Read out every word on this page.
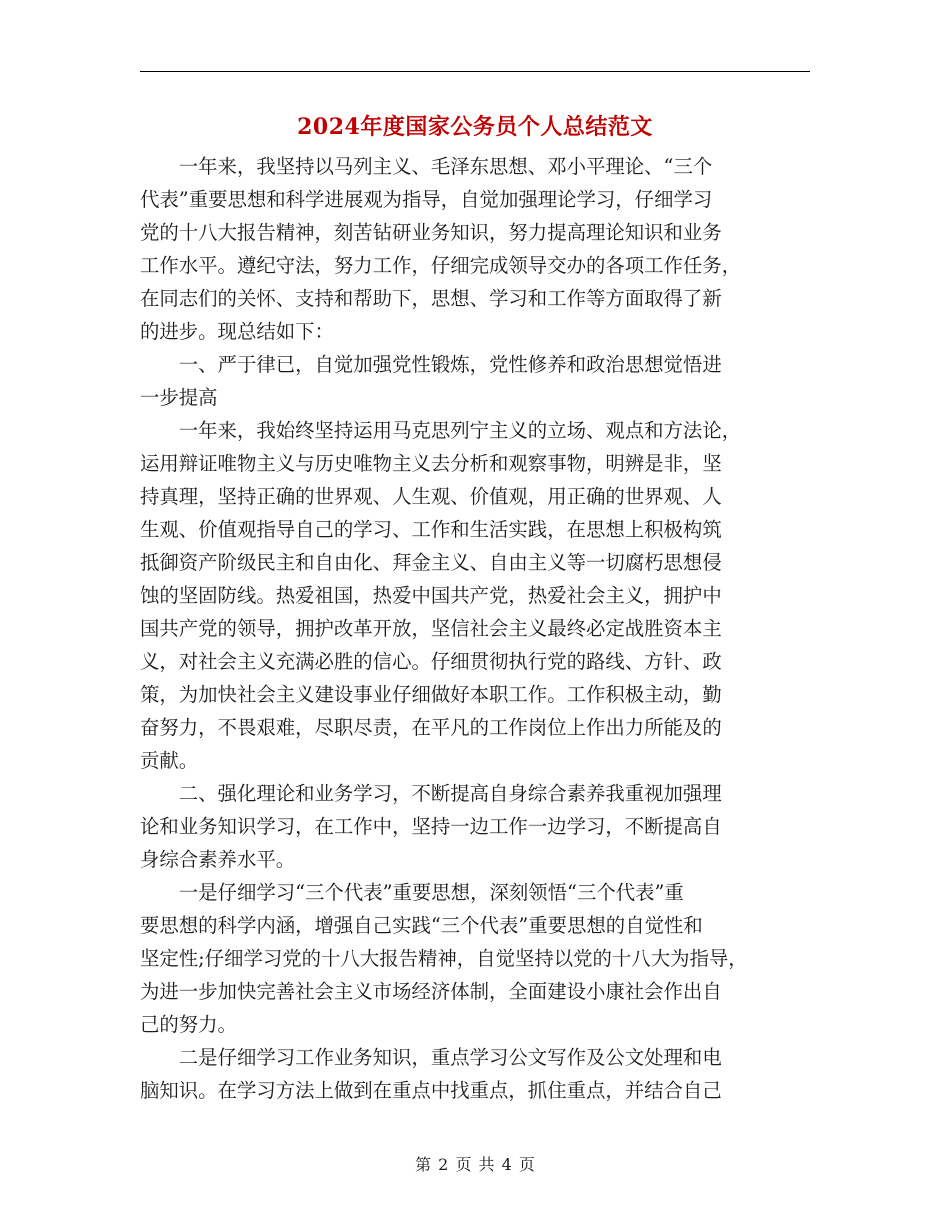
2024年度国家公务员个人总结范文
　　一年来，我坚持以马列主义、毛泽东思想、邓小平理论、“三个
代表”重要思想和科学进展观为指导，自觉加强理论学习，仔细学习
党的十八大报告精神，刻苦钻研业务知识，努力提高理论知识和业务
工作水平。遵纪守法，努力工作，仔细完成领导交办的各项工作任务，
在同志们的关怀、支持和帮助下，思想、学习和工作等方面取得了新
的进步。现总结如下：
　　一、严于律已，自觉加强党性锻炼，党性修养和政治思想觉悟进
一步提高
　　一年来，我始终坚持运用马克思列宁主义的立场、观点和方法论，
运用辩证唯物主义与历史唯物主义去分析和观察事物，明辨是非，坚
持真理，坚持正确的世界观、人生观、价值观，用正确的世界观、人
生观、价值观指导自己的学习、工作和生活实践，在思想上积极构筑
抵御资产阶级民主和自由化、拜金主义、自由主义等一切腐朽思想侵
蚀的坚固防线。热爱祖国，热爱中国共产党，热爱社会主义，拥护中
国共产党的领导，拥护改革开放，坚信社会主义最终必定战胜资本主
义，对社会主义充满必胜的信心。仔细贯彻执行党的路线、方针、政
策，为加快社会主义建设事业仔细做好本职工作。工作积极主动，勤
奋努力，不畏艰难，尽职尽责，在平凡的工作岗位上作出力所能及的
贡献。
　　二、强化理论和业务学习，不断提高自身综合素养我重视加强理
论和业务知识学习，在工作中，坚持一边工作一边学习，不断提高自
身综合素养水平。
　　一是仔细学习“三个代表”重要思想，深刻领悟“三个代表”重
要思想的科学内涵，增强自己实践“三个代表”重要思想的自觉性和
坚定性;仔细学习党的十八大报告精神，自觉坚持以党的十八大为指导，
为进一步加快完善社会主义市场经济体制，全面建设小康社会作出自
己的努力。
　　二是仔细学习工作业务知识，重点学习公文写作及公文处理和电
脑知识。在学习方法上做到在重点中找重点，抓住重点，并结合自己
第 2 页 共 4 页
